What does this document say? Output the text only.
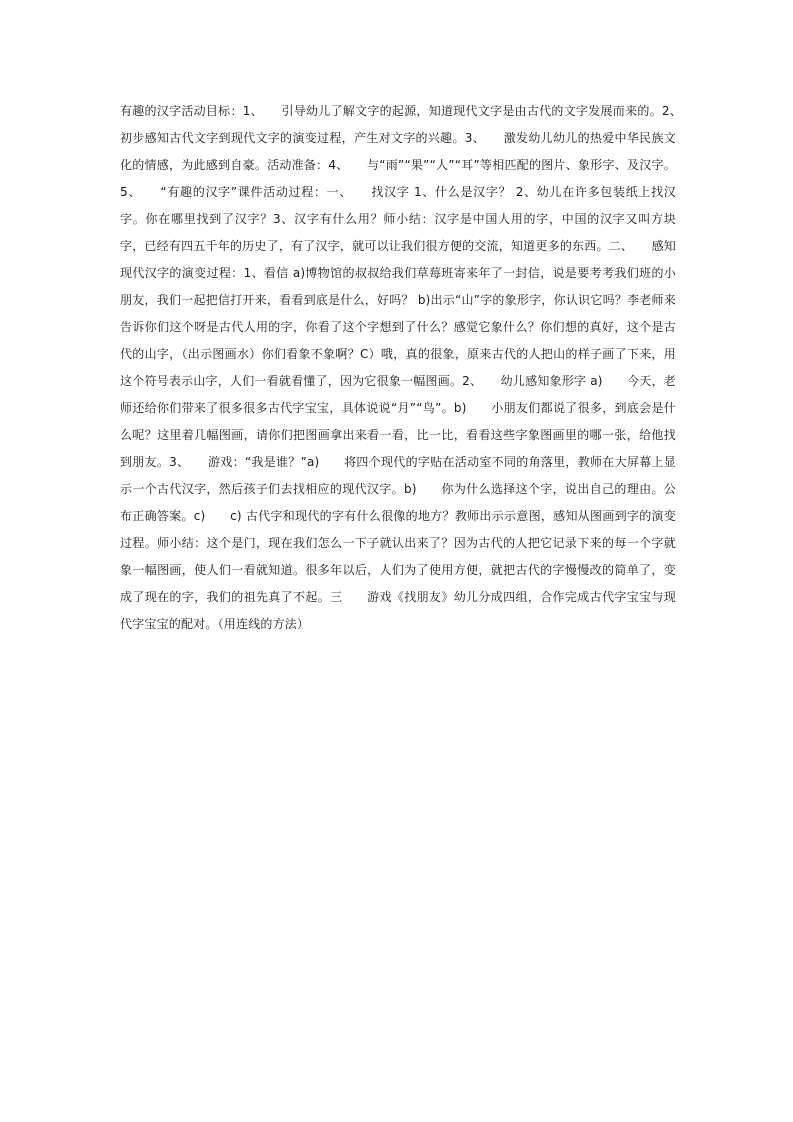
有趣的汉字活动目标：1、　　引导幼儿了解文字的起源，知道现代文字是由古代的文字发展而来的。2、　　初步感知古代文字到现代文字的演变过程，产生对文字的兴趣。3、　　激发幼儿幼儿的热爱中华民族文化的情感，为此感到自豪。活动准备：4、　　与“雨”“果”“人”“耳”等相匹配的图片、象形字、及汉字。5、　　“有趣的汉字”课件活动过程：一、　　找汉字 1、什么是汉字？ 2、幼儿在许多包装纸上找汉字。你在哪里找到了汉字？3、汉字有什么用？师小结：汉字是中国人用的字，中国的汉字又叫方块字，已经有四五千年的历史了，有了汉字，就可以让我们很方便的交流，知道更多的东西。二、　　感知现代汉字的演变过程：1、看信 a)博物馆的叔叔给我们草莓班寄来年了一封信，说是要考考我们班的小朋友，我们一起把信打开来，看看到底是什么，好吗？ b)出示“山”字的象形字，你认识它吗？李老师来告诉你们这个呀是古代人用的字，你看了这个字想到了什么？感觉它象什么？你们想的真好，这个是古代的山字，（出示图画水）你们看象不象啊？C）哦，真的很象，原来古代的人把山的样子画了下来，用这个符号表示山字，人们一看就看懂了，因为它很象一幅图画。2、　　幼儿感知象形字 a)　　今天，老师还给你们带来了很多很多古代字宝宝，具体说说“月”“鸟”。b)　　小朋友们都说了很多，到底会是什么呢？这里着几幅图画，请你们把图画拿出来看一看，比一比，看看这些字象图画里的哪一张，给他找到朋友。3、　　游戏：“我是谁？”a)　　将四个现代的字贴在活动室不同的角落里，教师在大屏幕上显示一个古代汉字，然后孩子们去找相应的现代汉字。b)　　你为什么选择这个字，说出自己的理由。公布正确答案。c)　　c) 古代字和现代的字有什么很像的地方？教师出示示意图，感知从图画到字的演变过程。师小结：这个是门，现在我们怎么一下子就认出来了？因为古代的人把它记录下来的每一个字就象一幅图画，使人们一看就知道。很多年以后，人们为了使用方便，就把古代的字慢慢改的简单了，变成了现在的字，我们的祖先真了不起。三　　游戏《找朋友》幼儿分成四组，合作完成古代字宝宝与现代字宝宝的配对。（用连线的方法）
